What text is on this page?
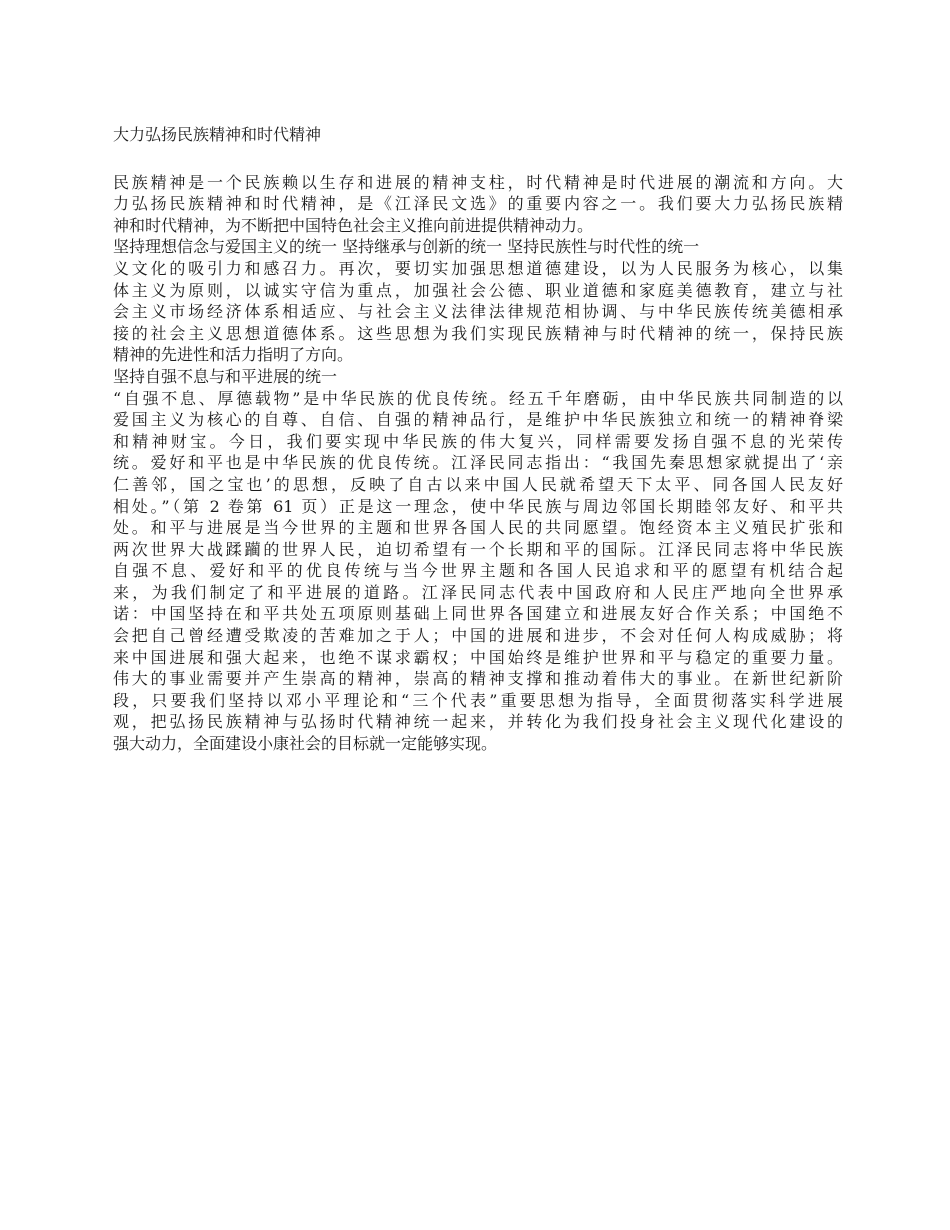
大力弘扬民族精神和时代精神
民族精神是一个民族赖以生存和进展的精神支柱，时代精神是时代进展的潮流和方向。大
力弘扬民族精神和时代精神，是《江泽民文选》的重要内容之一。我们要大力弘扬民族精
神和时代精神，为不断把中国特色社会主义推向前进提供精神动力。
坚持理想信念与爱国主义的统一 坚持继承与创新的统一 坚持民族性与时代性的统一
义文化的吸引力和感召力。再次，要切实加强思想道德建设，以为人民服务为核心，以集
体主义为原则，以诚实守信为重点，加强社会公德、职业道德和家庭美德教育，建立与社
会主义市场经济体系相适应、与社会主义法律法律规范相协调、与中华民族传统美德相承
接的社会主义思想道德体系。这些思想为我们实现民族精神与时代精神的统一，保持民族
精神的先进性和活力指明了方向。
坚持自强不息与和平进展的统一
“自强不息、厚德载物”是中华民族的优良传统。经五千年磨砺，由中华民族共同制造的以
爱国主义为核心的自尊、自信、自强的精神品行，是维护中华民族独立和统一的精神脊梁
和精神财宝。今日，我们要实现中华民族的伟大复兴，同样需要发扬自强不息的光荣传
统。爱好和平也是中华民族的优良传统。江泽民同志指出：“我国先秦思想家就提出了‘亲
仁善邻，国之宝也’的思想，反映了自古以来中国人民就希望天下太平、同各国人民友好
相处。”（第 2 卷第 61 页）正是这一理念，使中华民族与周边邻国长期睦邻友好、和平共
处。和平与进展是当今世界的主题和世界各国人民的共同愿望。饱经资本主义殖民扩张和
两次世界大战蹂躏的世界人民，迫切希望有一个长期和平的国际。江泽民同志将中华民族
自强不息、爱好和平的优良传统与当今世界主题和各国人民追求和平的愿望有机结合起
来，为我们制定了和平进展的道路。江泽民同志代表中国政府和人民庄严地向全世界承
诺：中国坚持在和平共处五项原则基础上同世界各国建立和进展友好合作关系；中国绝不
会把自己曾经遭受欺凌的苦难加之于人；中国的进展和进步，不会对任何人构成威胁；将
来中国进展和强大起来，也绝不谋求霸权；中国始终是维护世界和平与稳定的重要力量。
伟大的事业需要并产生崇高的精神，崇高的精神支撑和推动着伟大的事业。在新世纪新阶
段，只要我们坚持以邓小平理论和“三个代表”重要思想为指导，全面贯彻落实科学进展
观，把弘扬民族精神与弘扬时代精神统一起来，并转化为我们投身社会主义现代化建设的
强大动力，全面建设小康社会的目标就一定能够实现。
